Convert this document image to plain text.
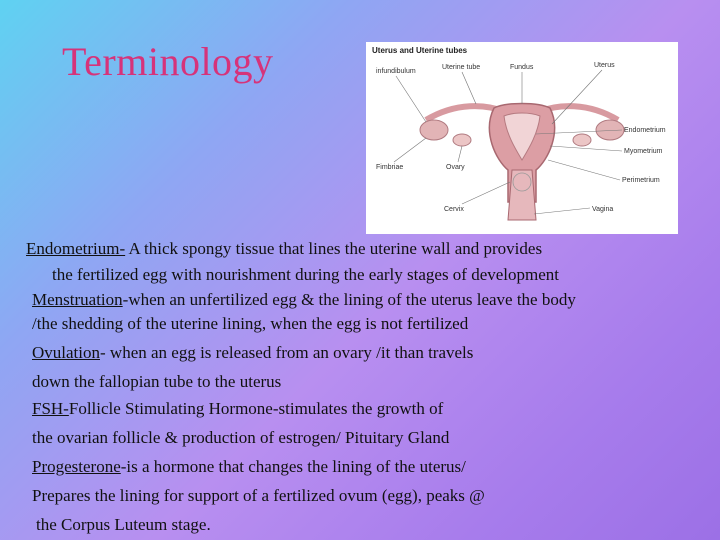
Terminology	Uterus and Uterine tubes
infundibulum
Uterine tube	Fundus	Uterus
Endometrium
Myometrium
Fimbriae	Ovary
Perimetrium
Cervix	Vagina
Endometrium- A thick spongy tissue that lines the uterine wall and provides
the fertilized egg with nourishment during the early stages of development
Menstruation-when an unfertilized egg & the lining of the uterus leave the body
/the shedding of the uterine lining, when the egg is not fertilized
Ovulation- when an egg is released from an ovary /it than travels
down the fallopian tube to the uterus
FSH-Follicle Stimulating Hormone-stimulates the growth of
the ovarian follicle & production of estrogen/ Pituitary Gland
Progesterone-is a hormone that changes the lining of the uterus/
Prepares the lining for support of a fertilized ovum (egg), peaks @
the Corpus Luteum stage.
